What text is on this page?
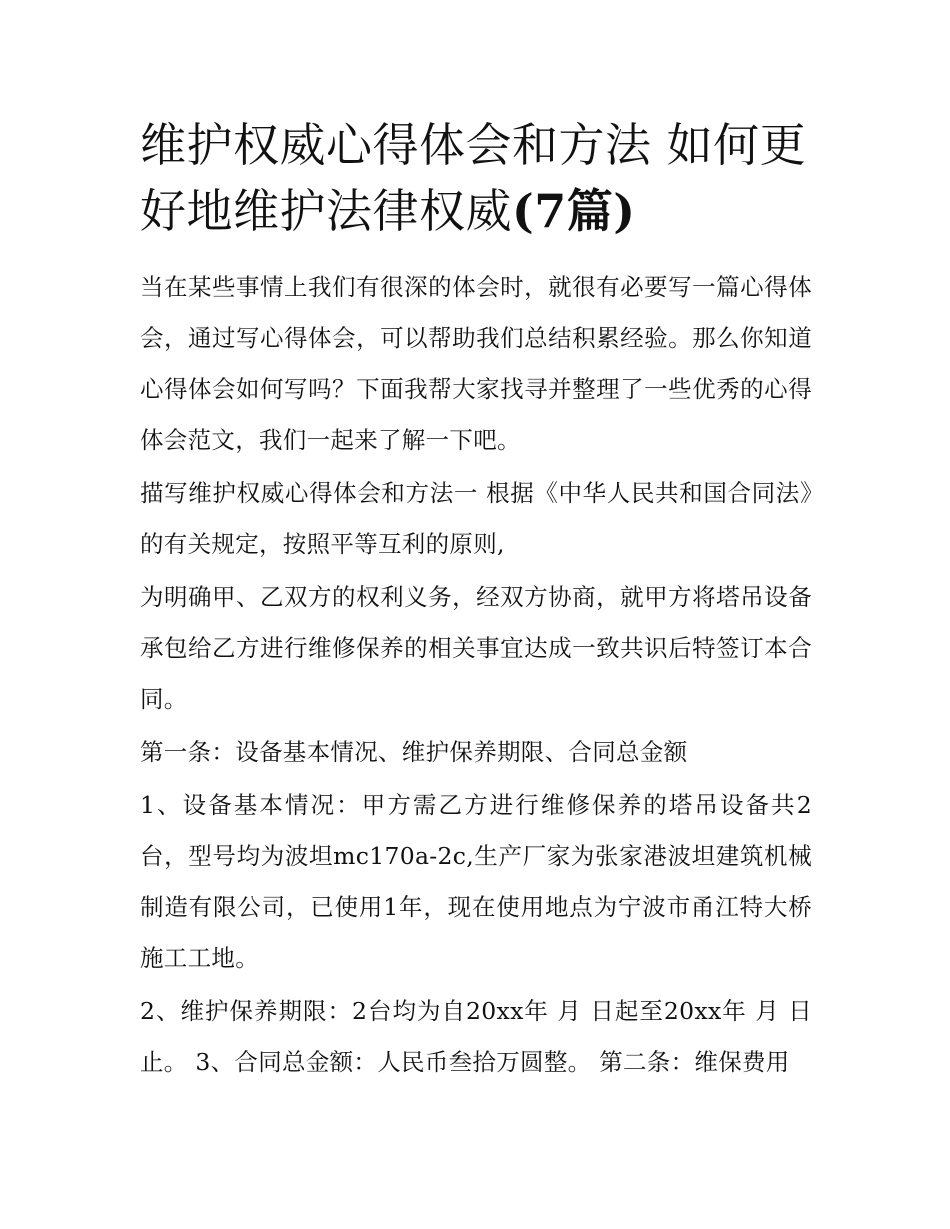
维护权威心得体会和方法 如何更好地维护法律权威(7篇)

当在某些事情上我们有很深的体会时，就很有必要写一篇心得体会，通过写心得体会，可以帮助我们总结积累经验。那么你知道心得体会如何写吗？下面我帮大家找寻并整理了一些优秀的心得体会范文，我们一起来了解一下吧。

描写维护权威心得体会和方法一 根据《中华人民共和国合同法》的有关规定，按照平等互利的原则,

为明确甲、乙双方的权利义务，经双方协商，就甲方将塔吊设备承包给乙方进行维修保养的相关事宜达成一致共识后特签订本合同。

第一条：设备基本情况、维护保养期限、合同总金额

1、设备基本情况：甲方需乙方进行维修保养的塔吊设备共2台，型号均为波坦mc170a-2c,生产厂家为张家港波坦建筑机械制造有限公司，已使用1年，现在使用地点为宁波市甬江特大桥施工工地。

2、维护保养期限：2台均为自20xx年 月 日起至20xx年 月 日止。 3、合同总金额：人民币叁拾万圆整。 第二条：维保费用
